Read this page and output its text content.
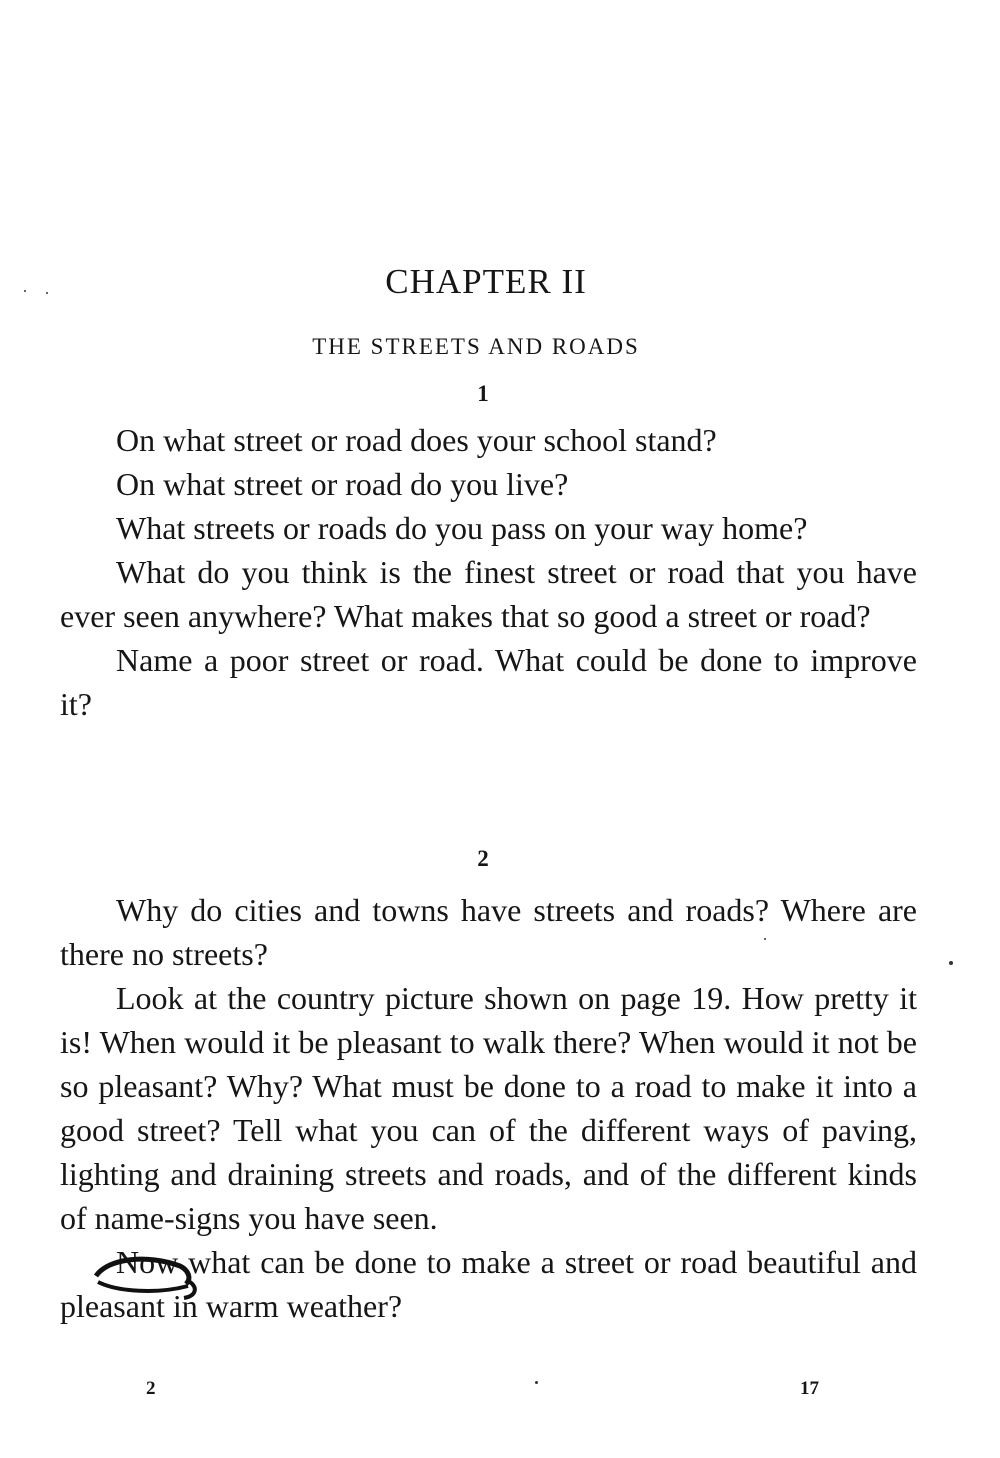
CHAPTER II
THE STREETS AND ROADS
1

On what street or road does your school stand?

On what street or road do you live?

What streets or roads do you pass on your way home?

What do you think is the finest street or road that you have ever seen anywhere? What makes that so good a street or road?

Name a poor street or road. What could be done to improve it?

2

Why do cities and towns have streets and roads? Where are there no streets?

Look at the country picture shown on page 19. How pretty it is! When would it be pleasant to walk there? When would it not be so pleasant? Why? What must be done to a road to make it into a good street? Tell what you can of the different ways of paving, lighting and draining streets and roads, and of the different kinds of name-signs you have seen.

Now what can be done to make a street or road beautiful and pleasant in warm weather?

2	17
